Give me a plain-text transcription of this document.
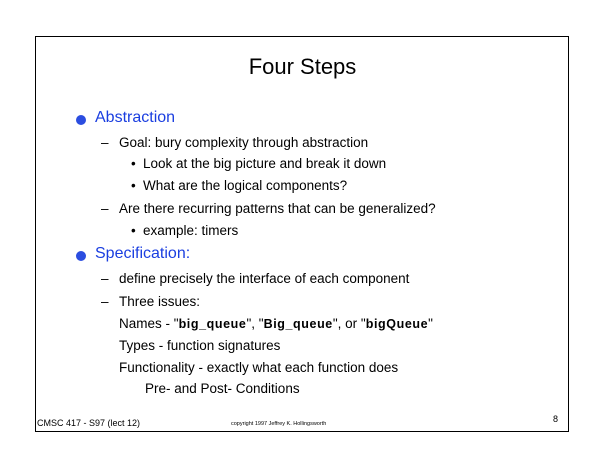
Four Steps
Abstraction
– Goal: bury complexity through abstraction
• Look at the big picture and break it down
• What are the logical components?
– Are there recurring patterns that can be generalized?
• example: timers
Specification:
– define precisely the interface of each component
– Three issues:
Names - "big_queue", "Big_queue", or "bigQueue"
Types - function signatures
Functionality - exactly what each function does
Pre- and Post- Conditions
CMSC 417 - S97 (lect 12)	copyright 1997 Jeffrey K. Hollingsworth	8
